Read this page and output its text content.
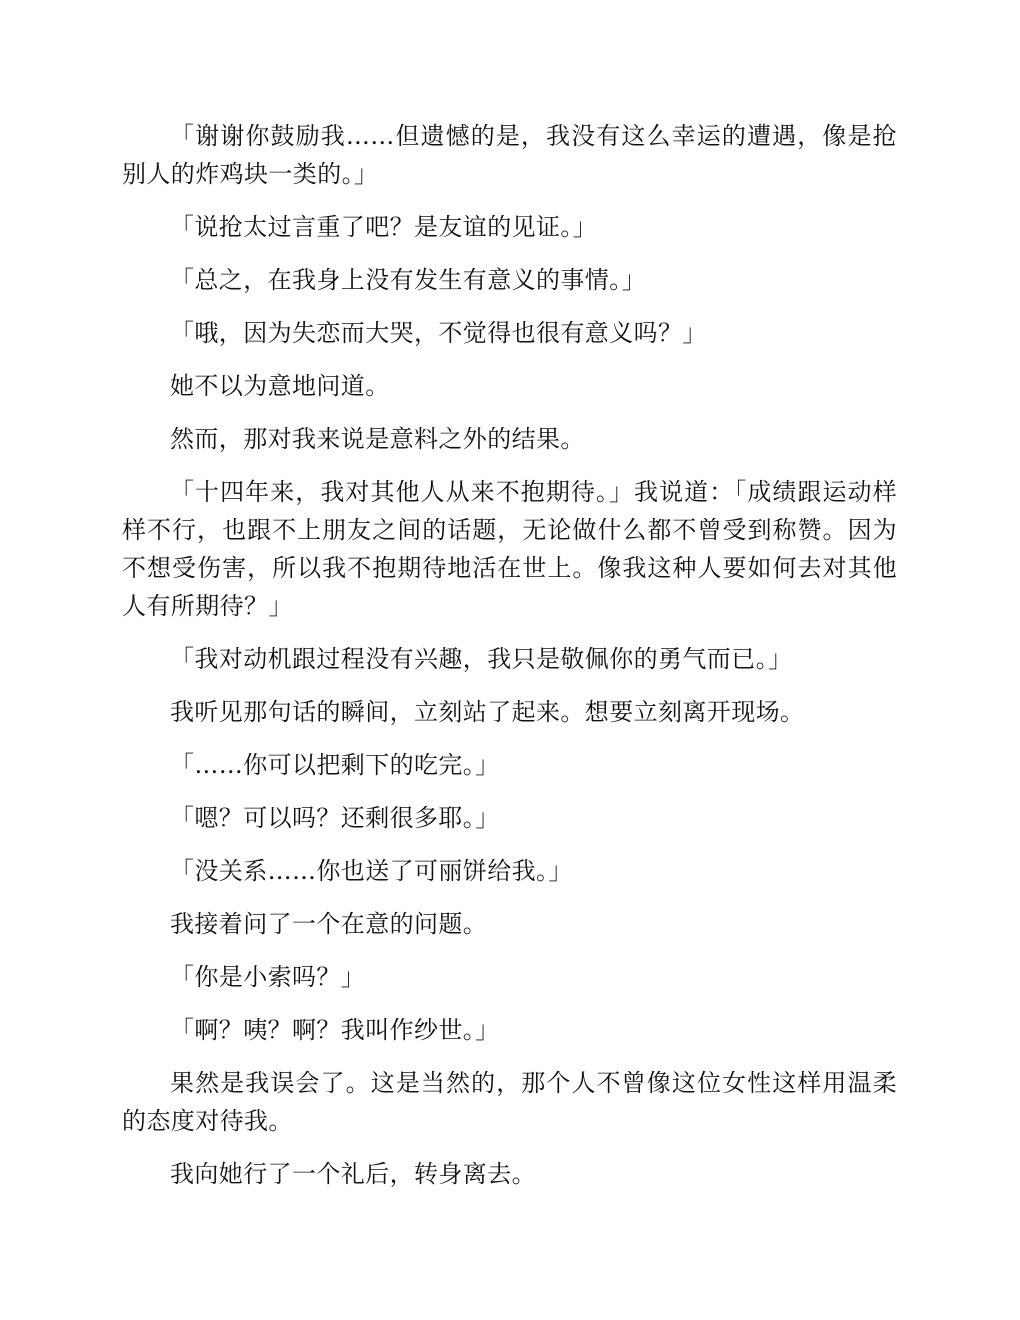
「谢谢你鼓励我……但遗憾的是，我没有这么幸运的遭遇，像是抢别人的炸鸡块一类的。」

「说抢太过言重了吧？是友谊的见证。」

「总之，在我身上没有发生有意义的事情。」

「哦，因为失恋而大哭，不觉得也很有意义吗？」

她不以为意地问道。

然而，那对我来说是意料之外的结果。

「十四年来，我对其他人从来不抱期待。」我说道：「成绩跟运动样样不行，也跟不上朋友之间的话题，无论做什么都不曾受到称赞。因为不想受伤害，所以我不抱期待地活在世上。像我这种人要如何去对其他人有所期待？」

「我对动机跟过程没有兴趣，我只是敬佩你的勇气而已。」

我听见那句话的瞬间，立刻站了起来。想要立刻离开现场。

「……你可以把剩下的吃完。」

「嗯？可以吗？还剩很多耶。」

「没关系……你也送了可丽饼给我。」

我接着问了一个在意的问题。

「你是小索吗？」

「啊？咦？啊？我叫作纱世。」

果然是我误会了。这是当然的，那个人不曾像这位女性这样用温柔的态度对待我。

我向她行了一个礼后，转身离去。
